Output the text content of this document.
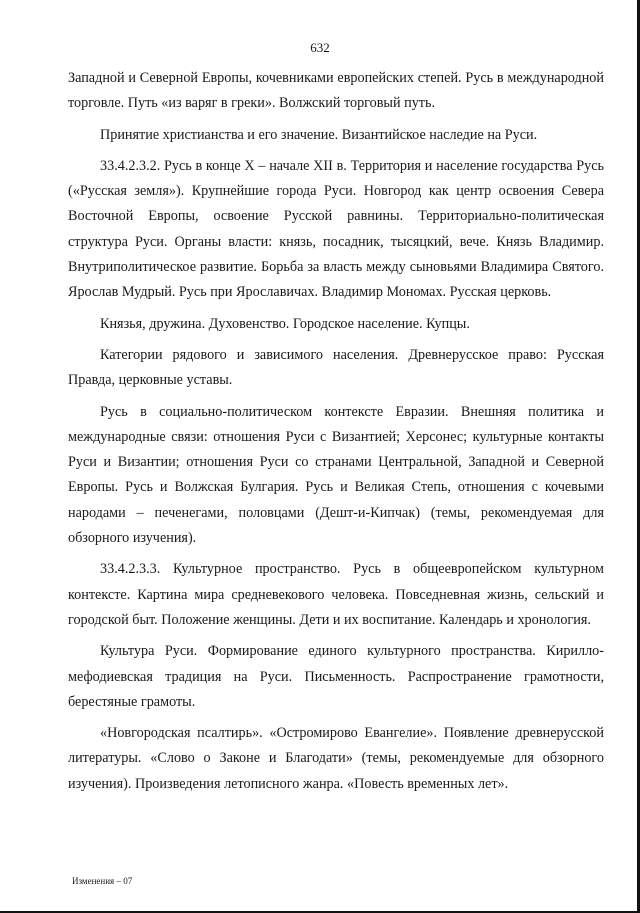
632

Западной и Северной Европы, кочевниками европейских степей. Русь в международной торговле. Путь «из варяг в греки». Волжский торговый путь.

Принятие христианства и его значение. Византийское наследие на Руси.

33.4.2.3.2. Русь в конце X – начале XII в. Территория и население государства Русь («Русская земля»). Крупнейшие города Руси. Новгород как центр освоения Севера Восточной Европы, освоение Русской равнины. Территориально-политическая структура Руси. Органы власти: князь, посадник, тысяцкий, вече. Князь Владимир. Внутриполитическое развитие. Борьба за власть между сыновьями Владимира Святого. Ярослав Мудрый. Русь при Ярославичах. Владимир Мономах. Русская церковь.

Князья, дружина. Духовенство. Городское население. Купцы.

Категории рядового и зависимого населения. Древнерусское право: Русская Правда, церковные уставы.

Русь в социально-политическом контексте Евразии. Внешняя политика и международные связи: отношения Руси с Византией; Херсонес; культурные контакты Руси и Византии; отношения Руси со странами Центральной, Западной и Северной Европы. Русь и Волжская Булгария. Русь и Великая Степь, отношения с кочевыми народами – печенегами, половцами (Дешт-и-Кипчак) (темы, рекомендуемая для обзорного изучения).

33.4.2.3.3. Культурное пространство. Русь в общеевропейском культурном контексте. Картина мира средневекового человека. Повседневная жизнь, сельский и городской быт. Положение женщины. Дети и их воспитание. Календарь и хронология.

Культура Руси. Формирование единого культурного пространства. Кирилло-мефодиевская традиция на Руси. Письменность. Распространение грамотности, берестяные грамоты.

«Новгородская псалтирь». «Остромирово Евангелие». Появление древнерусской литературы. «Слово о Законе и Благодати» (темы, рекомендуемые для обзорного изучения). Произведения летописного жанра. «Повесть временных лет».

Изменения – 07
